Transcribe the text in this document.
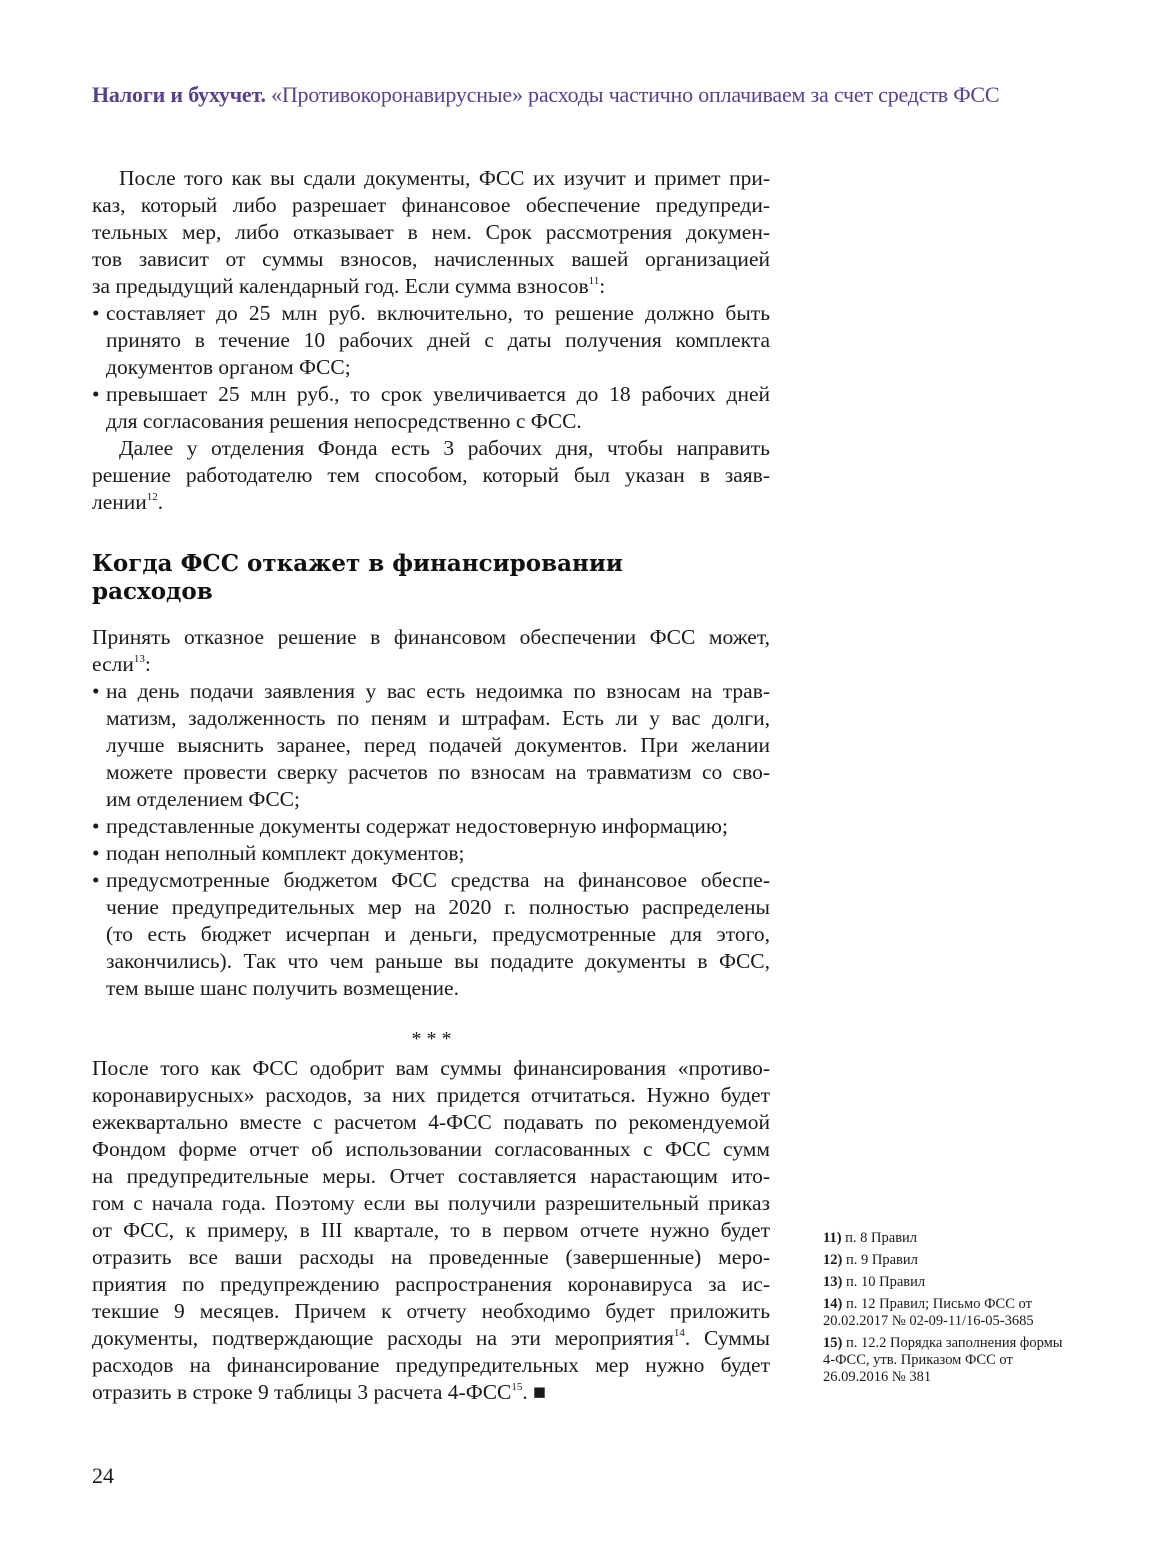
Налоги и бухучет. «Противокоронавирусные» расходы частично оплачиваем за счет средств ФСС
После того как вы сдали документы, ФСС их изучит и примет при-
каз, который либо разрешает финансовое обеспечение предупреди-
тельных мер, либо отказывает в нем. Срок рассмотрения докумен-
тов зависит от суммы взносов, начисленных вашей организацией
за предыдущий календарный год. Если сумма взносов$^{11}$:
• составляет до 25 млн руб. включительно, то решение должно быть
принято в течение 10 рабочих дней с даты получения комплекта
документов органом ФСС;
• превышает 25 млн руб., то срок увеличивается до 18 рабочих дней
для согласования решения непосредственно с ФСС.
Далее у отделения Фонда есть 3 рабочих дня, чтобы направить
решение работодателю тем способом, который был указан в заяв-
лении$^{12}$.
Когда ФСС откажет в финансировании
расходов
Принять отказное решение в финансовом обеспечении ФСС может,
если$^{13}$:
• на день подачи заявления у вас есть недоимка по взносам на трав-
матизм, задолженность по пеням и штрафам. Есть ли у вас долги,
лучше выяснить заранее, перед подачей документов. При желании
можете провести сверку расчетов по взносам на травматизм со сво-
им отделением ФСС;
• представленные документы содержат недостоверную информацию;
• подан неполный комплект документов;
• предусмотренные бюджетом ФСС средства на финансовое обеспе-
чение предупредительных мер на 2020 г. полностью распределены
(то есть бюджет исчерпан и деньги, предусмотренные для этого,
закончились). Так что чем раньше вы подадите документы в ФСС,
тем выше шанс получить возмещение.
* * *
После того как ФСС одобрит вам суммы финансирования «противо-
коронавирусных» расходов, за них придется отчитаться. Нужно будет
ежеквартально вместе с расчетом 4-ФСС подавать по рекомендуемой
Фондом форме отчет об использовании согласованных с ФСС сумм
на предупредительные меры. Отчет составляется нарастающим ито-
гом с начала года. Поэтому если вы получили разрешительный приказ
от ФСС, к примеру, в III квартале, то в первом отчете нужно будет
отразить все ваши расходы на проведенные (завершенные) меро-
приятия по предупреждению распространения коронавируса за ис-
текшие 9 месяцев. Причем к отчету необходимо будет приложить
документы, подтверждающие расходы на эти мероприятия$^{14}$. Суммы
расходов на финансирование предупредительных мер нужно будет
отразить в строке 9 таблицы 3 расчета 4-ФСС$^{15}$. ■
11) п. 8 Правил
12) п. 9 Правил
13) п. 10 Правил
14) п. 12 Правил; Письмо ФСС от 20.02.2017 № 02-09-11/16-05-3685
15) п. 12.2 Порядка заполнения формы 4-ФСС, утв. Приказом ФСС от 26.09.2016 № 381
24
